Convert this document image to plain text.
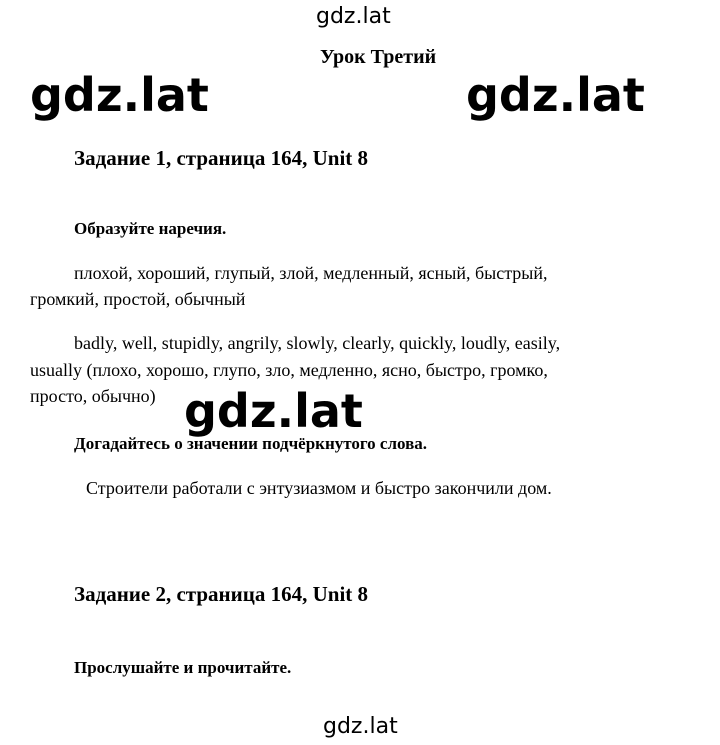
gdz.lat
Урок Третий
gdz.lat	gdz.lat
Задание 1, страница 164, Unit 8
Образуйте наречия.
плохой, хороший, глупый, злой, медленный, ясный, быстрый,
громкий, простой, обычный
badly, well, stupidly, angrily, slowly, clearly, quickly, loudly, easily,
usually (плохо, хорошо, глупо, зло, медленно, ясно, быстро, громко,
просто, обычно) gdz.lat
Догадайтесь о значении подчёркнутого слова.
Строители работали с энтузиазмом и быстро закончили дом.
Задание 2, страница 164, Unit 8
Прослушайте и прочитайте.
gdz.lat
